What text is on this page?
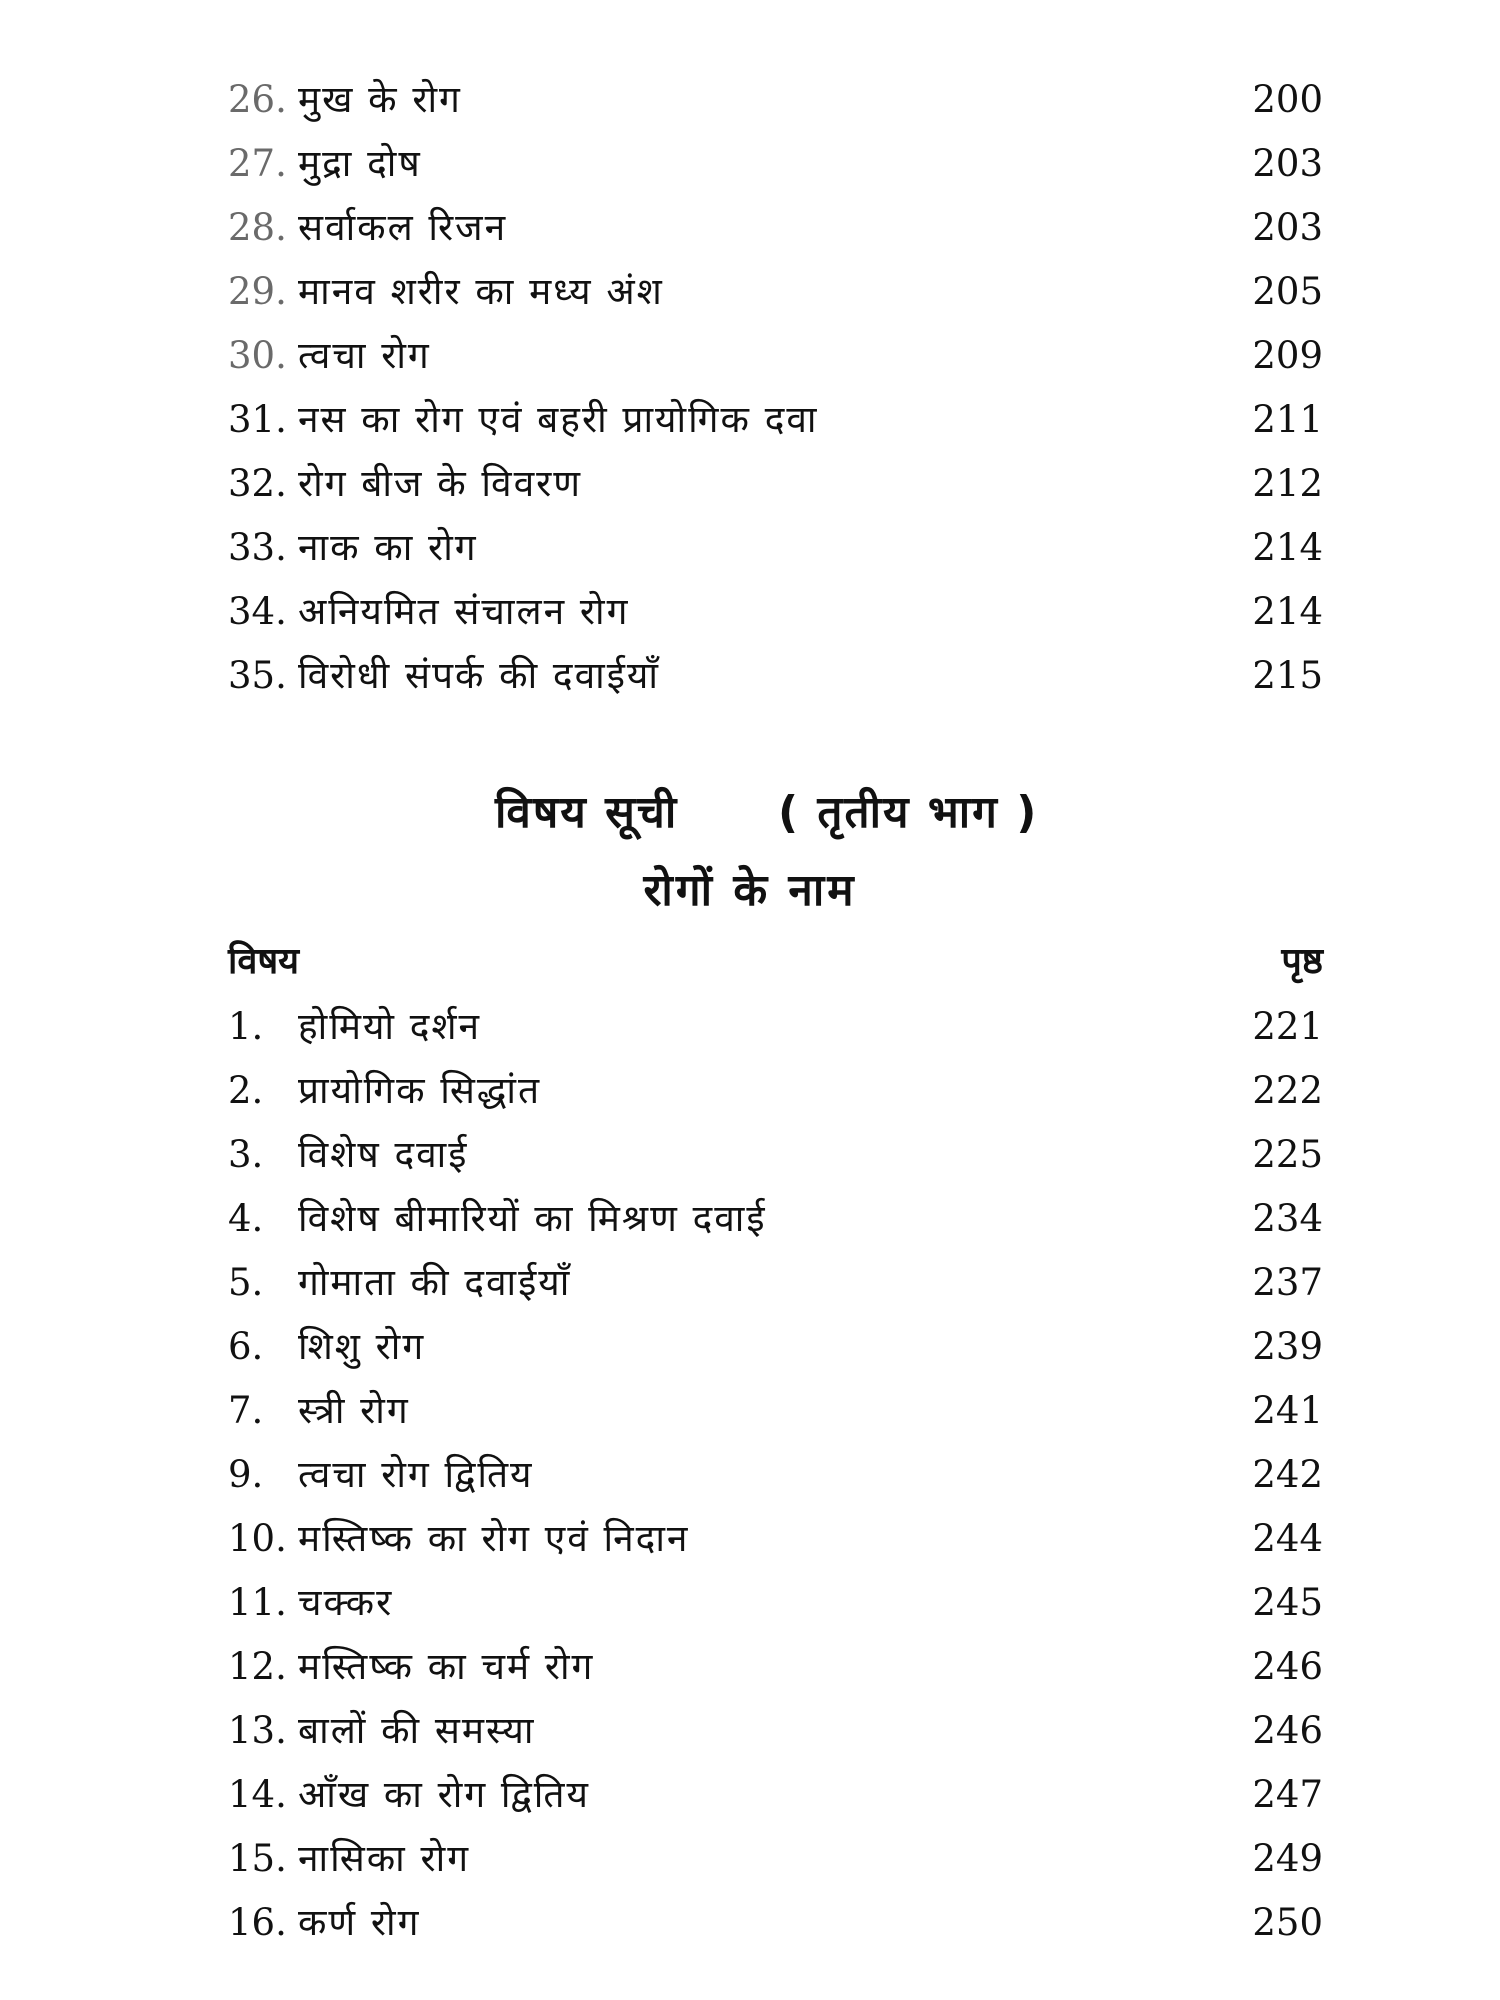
26. मुख के रोग	200
27. मुद्रा दोष	203
28. सर्वाकल रिजन	203
29. मानव शरीर का मध्य अंश	205
30. त्वचा रोग	209
31. नस का रोग एवं बहरी प्रायोगिक दवा	211
32. रोग बीज के विवरण	212
33. नाक का रोग	214
34. अनियमित संचालन रोग	214
35. विरोधी संपर्क की दवाईयाँ	215
विषय सूची ( तृतीय भाग )
रोगों के नाम
विषय	पृष्ठ
1. होमियो दर्शन	221
2. प्रायोगिक सिद्धांत	222
3. विशेष दवाई	225
4. विशेष बीमारियों का मिश्रण दवाई	234
5. गोमाता की दवाईयाँ	237
6. शिशु रोग	239
7. स्त्री रोग	241
9. त्वचा रोग द्वितिय	242
10. मस्तिष्क का रोग एवं निदान	244
11. चक्कर	245
12. मस्तिष्क का चर्म रोग	246
13. बालों की समस्या	246
14. आँख का रोग द्वितिय	247
15. नासिका रोग	249
16. कर्ण रोग	250
